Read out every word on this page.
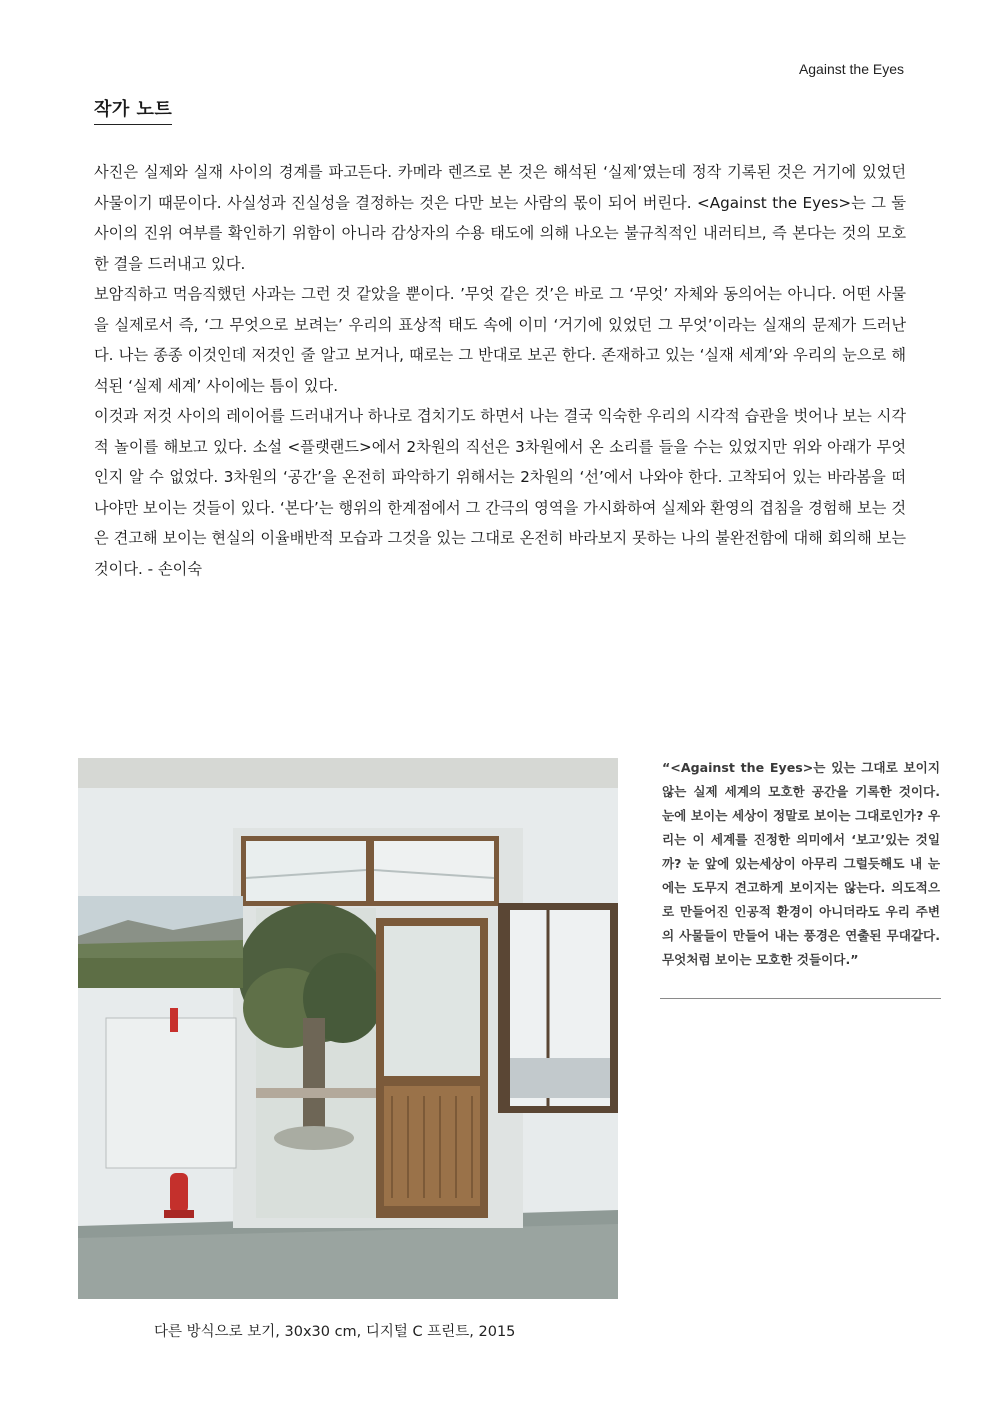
Against the Eyes
작가 노트

사진은 실제와 실재 사이의 경계를 파고든다. 카메라 렌즈로 본 것은 해석된 ‘실제’였는데 정작 기록된 것은 거기에 있었던 사물이기 때문이다. 사실성과 진실성을 결정하는 것은 다만 보는 사람의 몫이 되어 버린다. <Against the Eyes>는 그 둘 사이의 진위 여부를 확인하기 위함이 아니라 감상자의 수용 태도에 의해 나오는 불규칙적인 내러티브, 즉 본다는 것의 모호한 결을 드러내고 있다.

보암직하고 먹음직했던 사과는 그런 것 같았을 뿐이다. ’무엇 같은 것’은 바로 그 ‘무엇’ 자체와 동의어는 아니다. 어떤 사물을 실제로서 즉, ‘그 무엇으로 보려는’ 우리의 표상적 태도 속에 이미 ‘거기에 있었던 그 무엇’이라는 실재의 문제가 드러난다. 나는 종종 이것인데 저것인 줄 알고 보거나, 때로는 그 반대로 보곤 한다. 존재하고 있는 ‘실재 세계’와 우리의 눈으로 해석된 ‘실제 세계’ 사이에는 틈이 있다.

이것과 저것 사이의 레이어를 드러내거나 하나로 겹치기도 하면서 나는 결국 익숙한 우리의 시각적 습관을 벗어나 보는 시각적 놀이를 해보고 있다. 소설 <플랫랜드>에서 2차원의 직선은 3차원에서 온 소리를 들을 수는 있었지만 위와 아래가 무엇인지 알 수 없었다. 3차원의 ‘공간’을 온전히 파악하기 위해서는 2차원의 ‘선’에서 나와야 한다. 고착되어 있는 바라봄을 떠나야만 보이는 것들이 있다. ‘본다’는 행위의 한계점에서 그 간극의 영역을 가시화하여 실제와 환영의 겹침을 경험해 보는 것은 견고해 보이는 현실의 이율배반적 모습과 그것을 있는 그대로 온전히 바라보지 못하는 나의 불완전함에 대해 회의해 보는 것이다. - 손이숙

다른 방식으로 보기, 30x30 cm, 디지털 C 프린트, 2015
“<Against the Eyes>는 있는 그대로 보이지 않는 실제 세계의 모호한 공간을 기록한 것이다. 눈에 보이는 세상이 정말로 보이는 그대로인가? 우리는 이 세계를 진정한 의미에서 ‘보고’있는 것일까? 눈 앞에 있는세상이 아무리 그럴듯해도 내 눈에는 도무지 견고하게 보이지는 않는다. 의도적으로 만들어진 인공적 환경이 아니더라도 우리 주변의 사물들이 만들어 내는 풍경은 연출된 무대같다. 무엇처럼 보이는 모호한 것들이다.”
